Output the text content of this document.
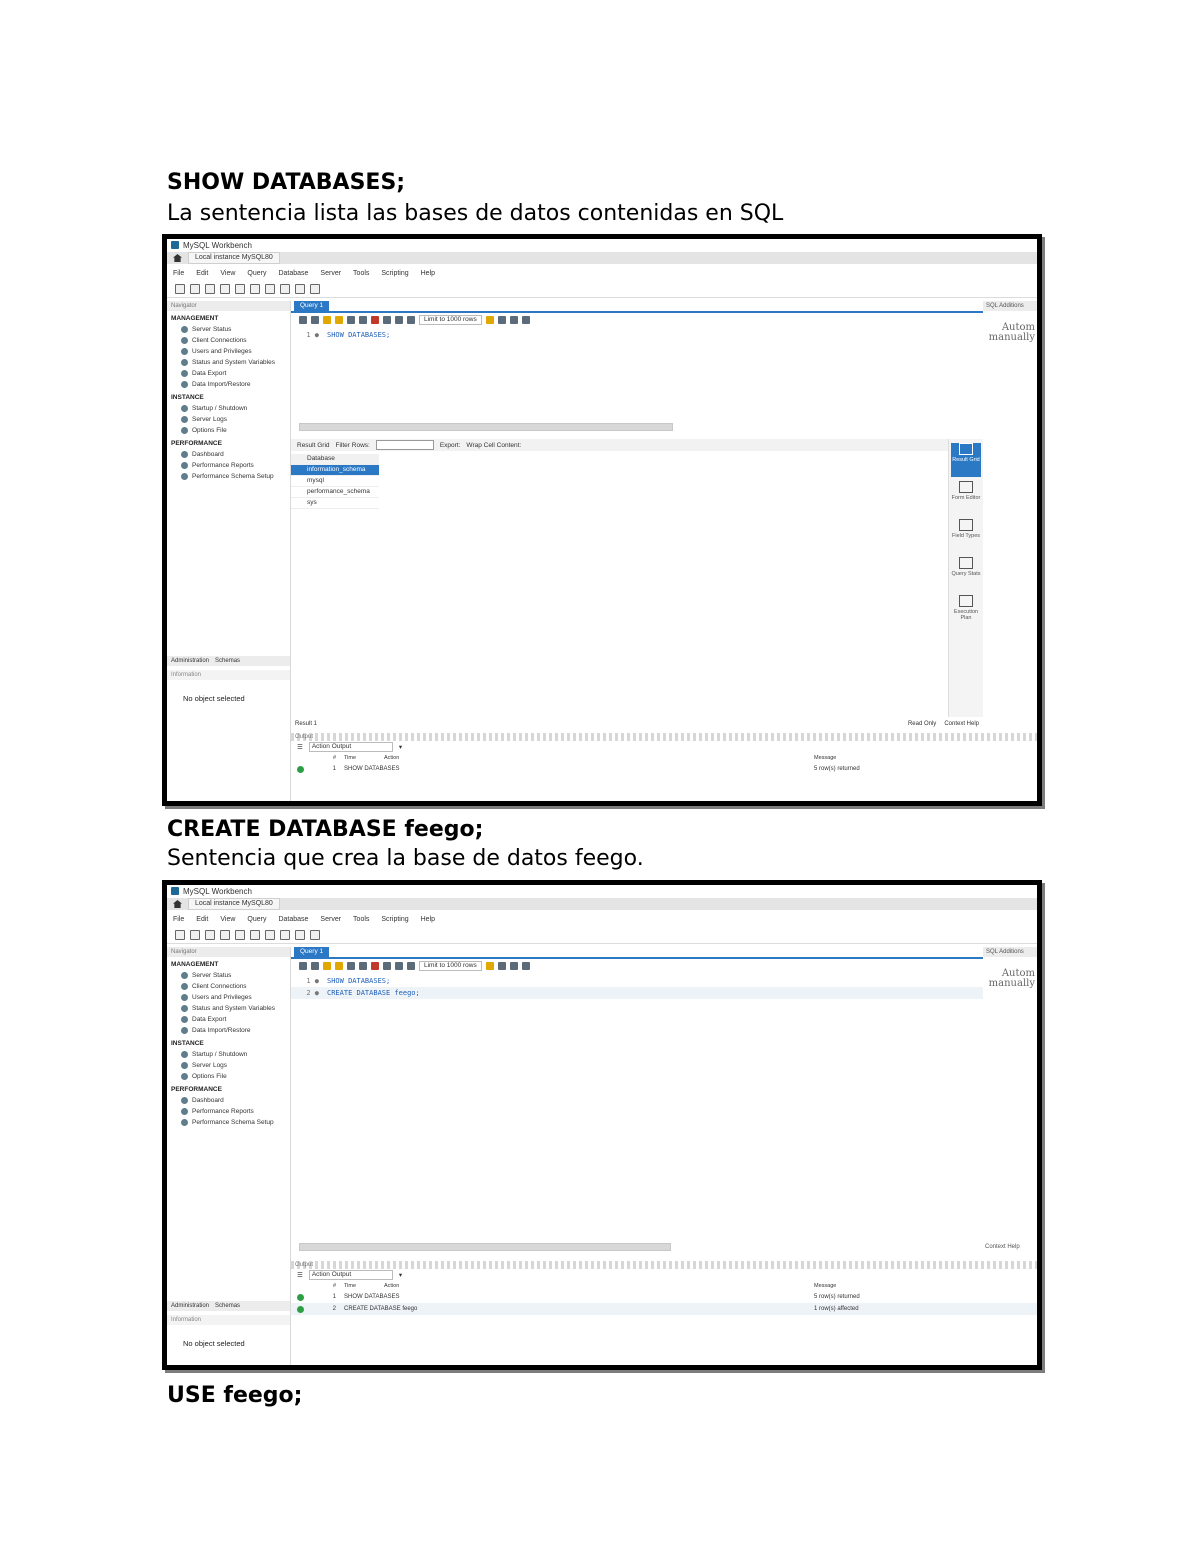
SHOW DATABASES;
La sentencia lista las bases de datos contenidas en SQL
MySQL Workbench
Local instance MySQL80
File Edit View Query Database Server Tools Scripting Help
Navigator
MANAGEMENT
Server Status
Client Connections
Users and Privileges
Status and System Variables
Data Export
Data Import/Restore
INSTANCE
Startup / Shutdown
Server Logs
Options File
PERFORMANCE
Dashboard
Performance Reports
Performance Schema Setup
Administration Schemas
Information
No object selected
Query 1
Limit to 1000 rows
1 ●	SHOW DATABASES;
Result Grid Filter Rows:	Export: Wrap Cell Content:
Database
information_schema
mysql
performance_schema
sys
Result Grid
Form Editor
Field Types
Query Stats
Execution Plan
Result 1	Read Only Context Help
SQL Additions
Autom manually
Output
☰	Action Output	▾
#	Time	Action	Message
1	SHOW DATABASES	5 row(s) returned
CREATE DATABASE feego;
Sentencia que crea la base de datos feego.
MySQL Workbench
Local instance MySQL80
File Edit View Query Database Server Tools Scripting Help
Navigator
MANAGEMENT
Server Status
Client Connections
Users and Privileges
Status and System Variables
Data Export
Data Import/Restore
INSTANCE
Startup / Shutdown
Server Logs
Options File
PERFORMANCE
Dashboard
Performance Reports
Performance Schema Setup
Administration Schemas
Information
No object selected
Query 1
Limit to 1000 rows
1 ●	SHOW DATABASES;
2 ●	CREATE DATABASE feego;
SQL Additions
Autom manually
Context Help
Output
☰	Action Output	▾
#	Time	Action	Message
1	SHOW DATABASES	5 row(s) returned
2	CREATE DATABASE feego	1 row(s) affected
USE feego;
